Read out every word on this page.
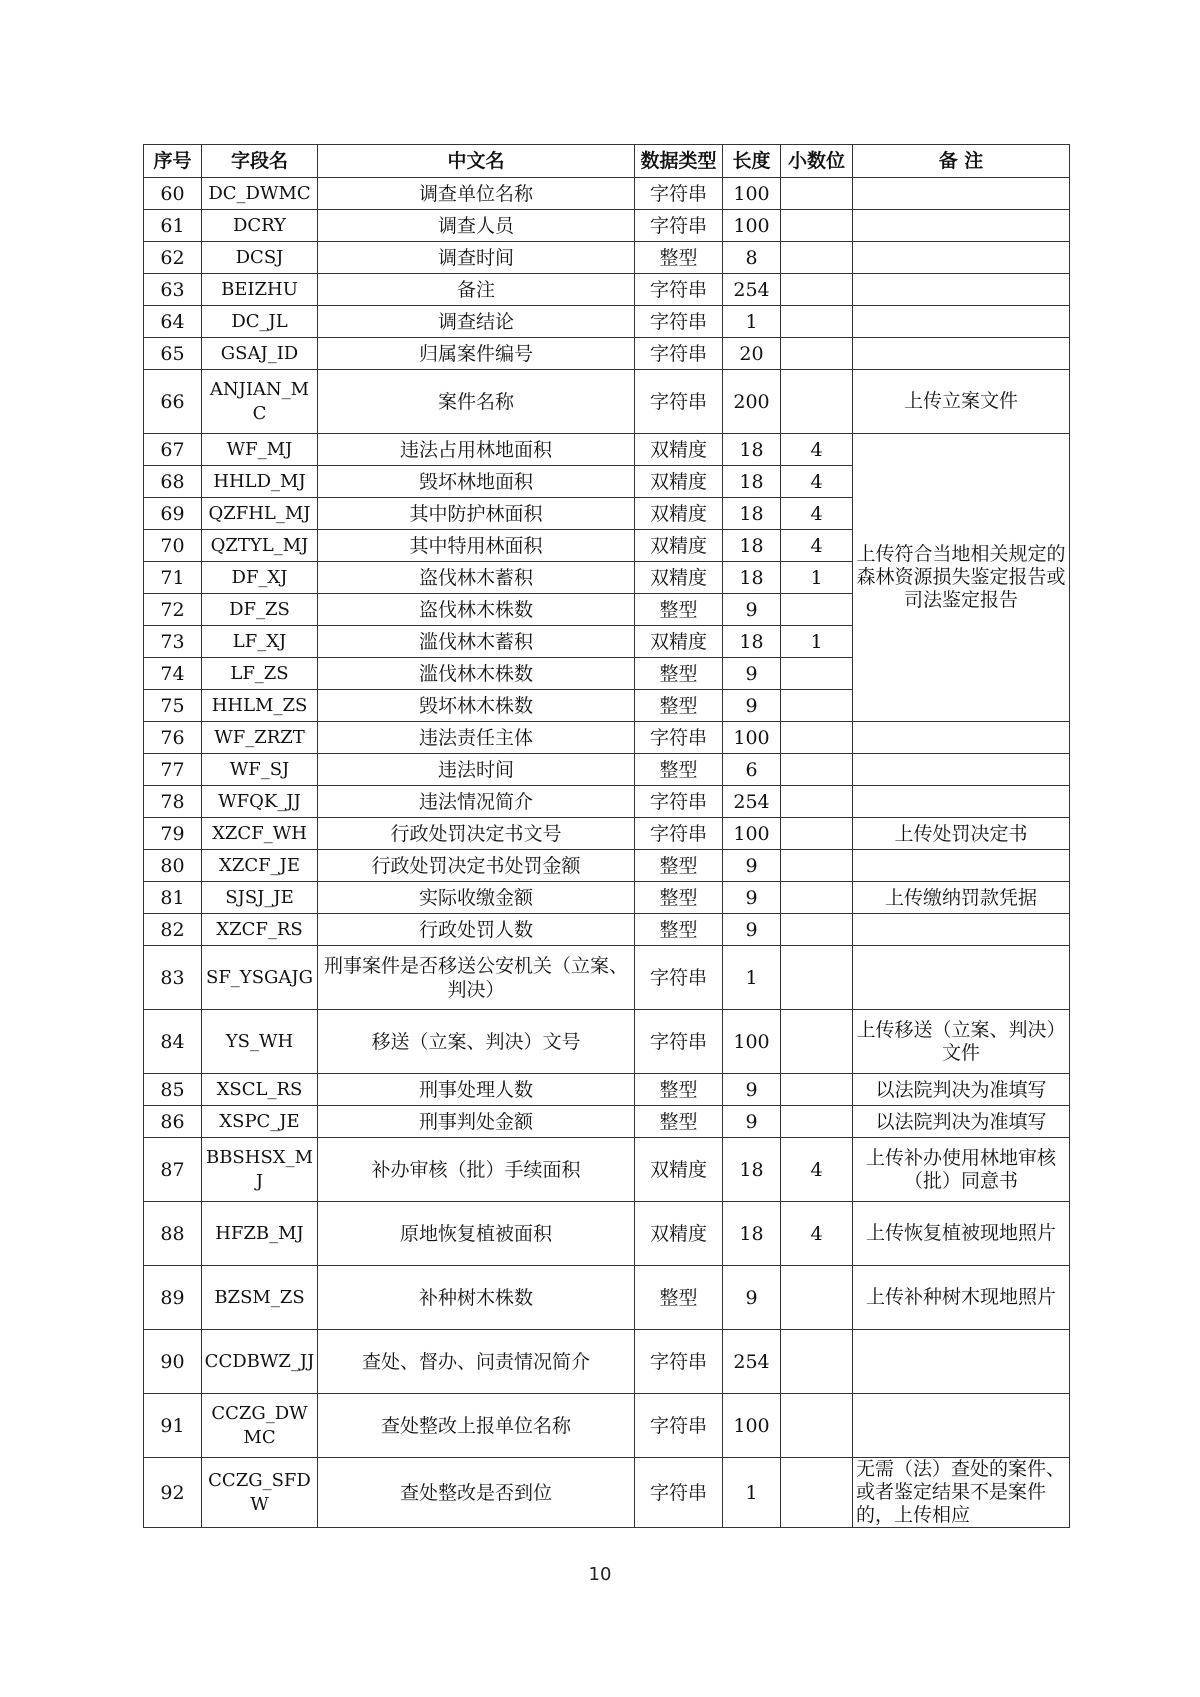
序号	字段名	中文名	数据类型	长度	小数位	备 注
60	DC_DWMC	调查单位名称	字符串	100		
61	DCRY	调查人员	字符串	100		
62	DCSJ	调查时间	整型	8		
63	BEIZHU	备注	字符串	254		
64	DC_JL	调查结论	字符串	1		
65	GSAJ_ID	归属案件编号	字符串	20		
66	ANJIAN_MC	案件名称	字符串	200		上传立案文件
67	WF_MJ	违法占用林地面积	双精度	18	4	上传符合当地相关规定的森林资源损失鉴定报告或司法鉴定报告
68	HHLD_MJ	毁坏林地面积	双精度	18	4	
69	QZFHL_MJ	其中防护林面积	双精度	18	4	
70	QZTYL_MJ	其中特用林面积	双精度	18	4	
71	DF_XJ	盗伐林木蓄积	双精度	18	1	
72	DF_ZS	盗伐林木株数	整型	9		
73	LF_XJ	滥伐林木蓄积	双精度	18	1	
74	LF_ZS	滥伐林木株数	整型	9		
75	HHLM_ZS	毁坏林木株数	整型	9		
76	WF_ZRZT	违法责任主体	字符串	100		
77	WF_SJ	违法时间	整型	6		
78	WFQK_JJ	违法情况简介	字符串	254		
79	XZCF_WH	行政处罚决定书文号	字符串	100		上传处罚决定书
80	XZCF_JE	行政处罚决定书处罚金额	整型	9		
81	SJSJ_JE	实际收缴金额	整型	9		上传缴纳罚款凭据
82	XZCF_RS	行政处罚人数	整型	9		
83	SF_YSGAJG	刑事案件是否移送公安机关（立案、判决）	字符串	1		
84	YS_WH	移送（立案、判决）文号	字符串	100		上传移送（立案、判决）文件
85	XSCL_RS	刑事处理人数	整型	9		以法院判决为准填写
86	XSPC_JE	刑事判处金额	整型	9		以法院判决为准填写
87	BBSHSX_MJ	补办审核（批）手续面积	双精度	18	4	上传补办使用林地审核（批）同意书
88	HFZB_MJ	原地恢复植被面积	双精度	18	4	上传恢复植被现地照片
89	BZSM_ZS	补种树木株数	整型	9		上传补种树木现地照片
90	CCDBWZ_JJ	查处、督办、问责情况简介	字符串	254		
91	CCZG_DWMC	查处整改上报单位名称	字符串	100		
92	CCZG_SFDW	查处整改是否到位	字符串	1		无需（法）查处的案件、或者鉴定结果不是案件的，上传相应
10
